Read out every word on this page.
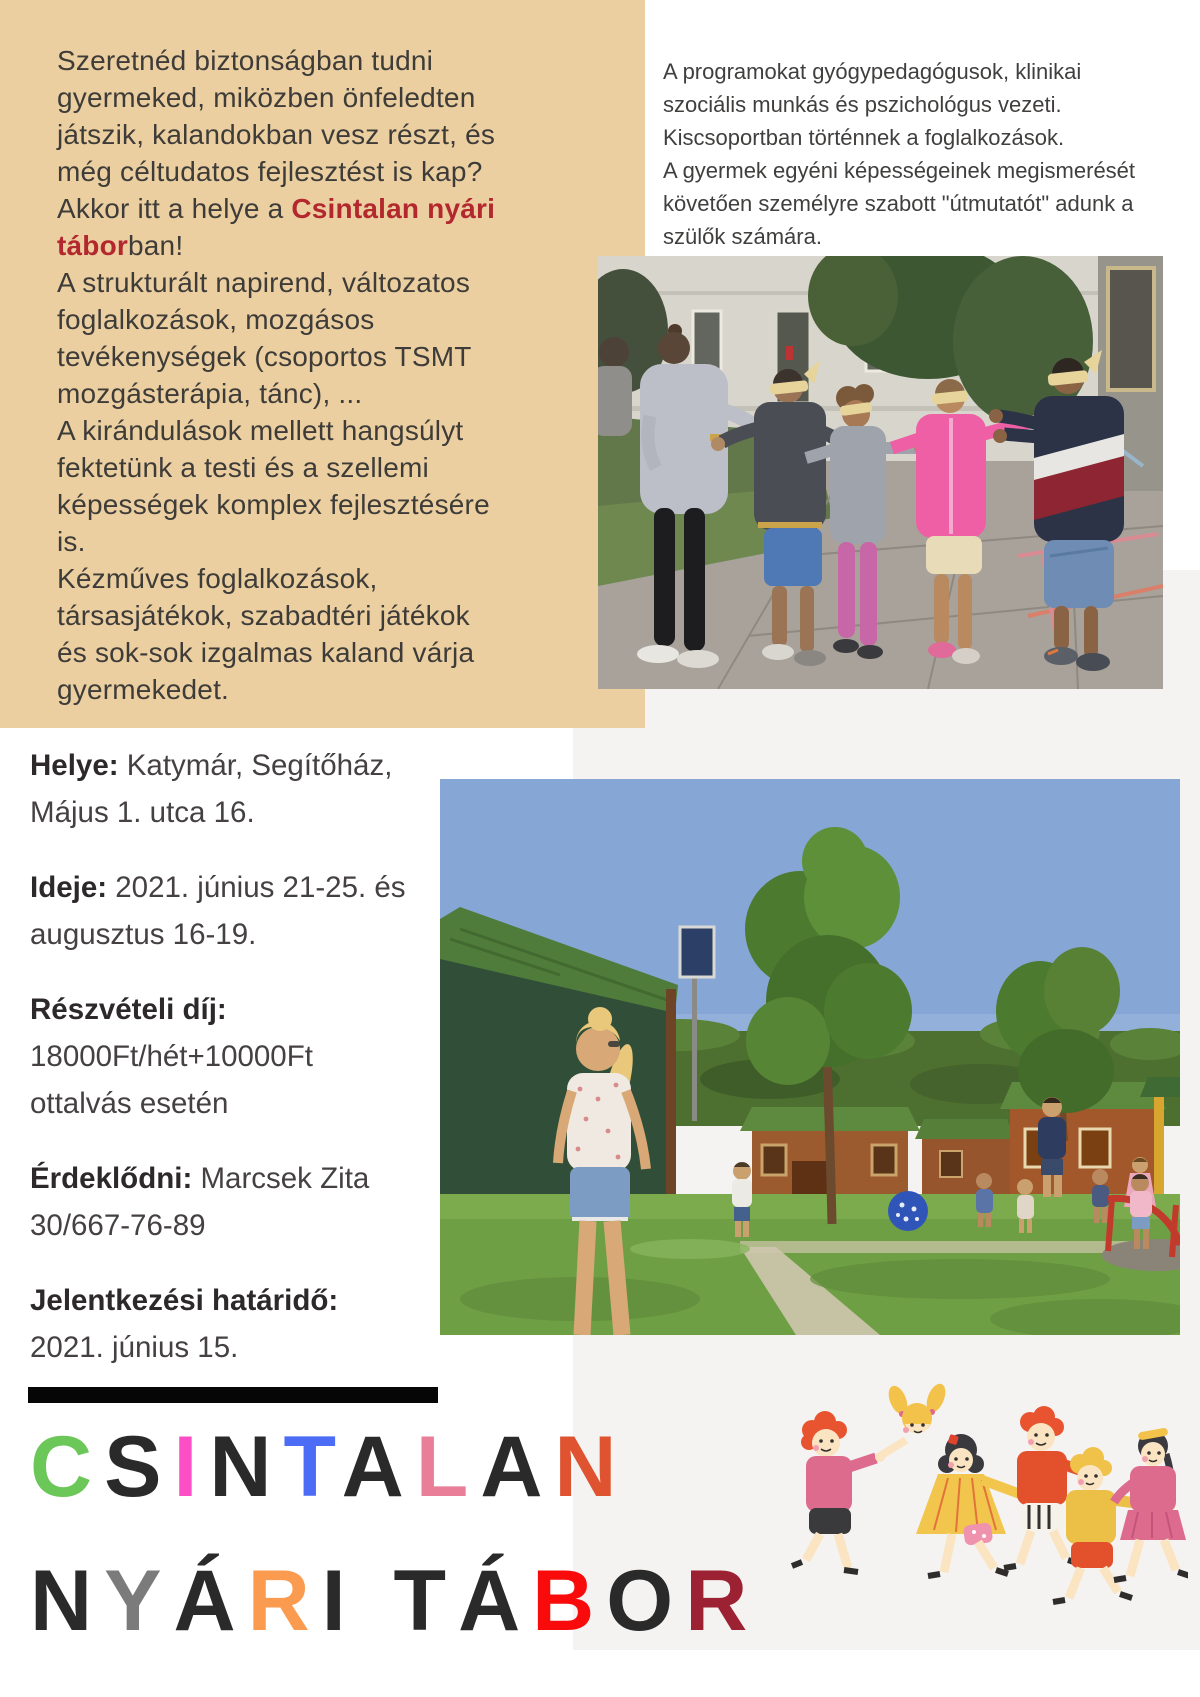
Szeretnéd biztonságban tudni
gyermeked, miközben önfeledten
játszik, kalandokban vesz részt, és
még céltudatos fejlesztést is kap?
Akkor itt a helye a Csintalan nyári
táborban!
A strukturált napirend, változatos
foglalkozások, mozgásos
tevékenységek (csoportos TSMT
mozgásterápia, tánc), ...
A kirándulások mellett hangsúlyt
fektetünk a testi és a szellemi
képességek komplex fejlesztésére
is.
Kézműves foglalkozások,
társasjátékok, szabadtéri játékok
és sok-sok izgalmas kaland várja
gyermekedet.
A programokat gyógypedagógusok, klinikai
szociális munkás és pszichológus vezeti.
Kiscsoportban történnek a foglalkozások.
A gyermek egyéni képességeinek megismerését
követően személyre szabott "útmutatót" adunk a
szülők számára.
Helye: Katymár, Segítőház,
Május 1. utca 16.
Ideje: 2021. június 21-25. és
augusztus 16-19.
Részvételi díj:
18000Ft/hét+10000Ft
ottalvás esetén
Érdeklődni: Marcsek Zita
30/667-76-89
Jelentkezési határidő:
2021. június 15.
CSINTALAN
NYÁRI TÁBOR
